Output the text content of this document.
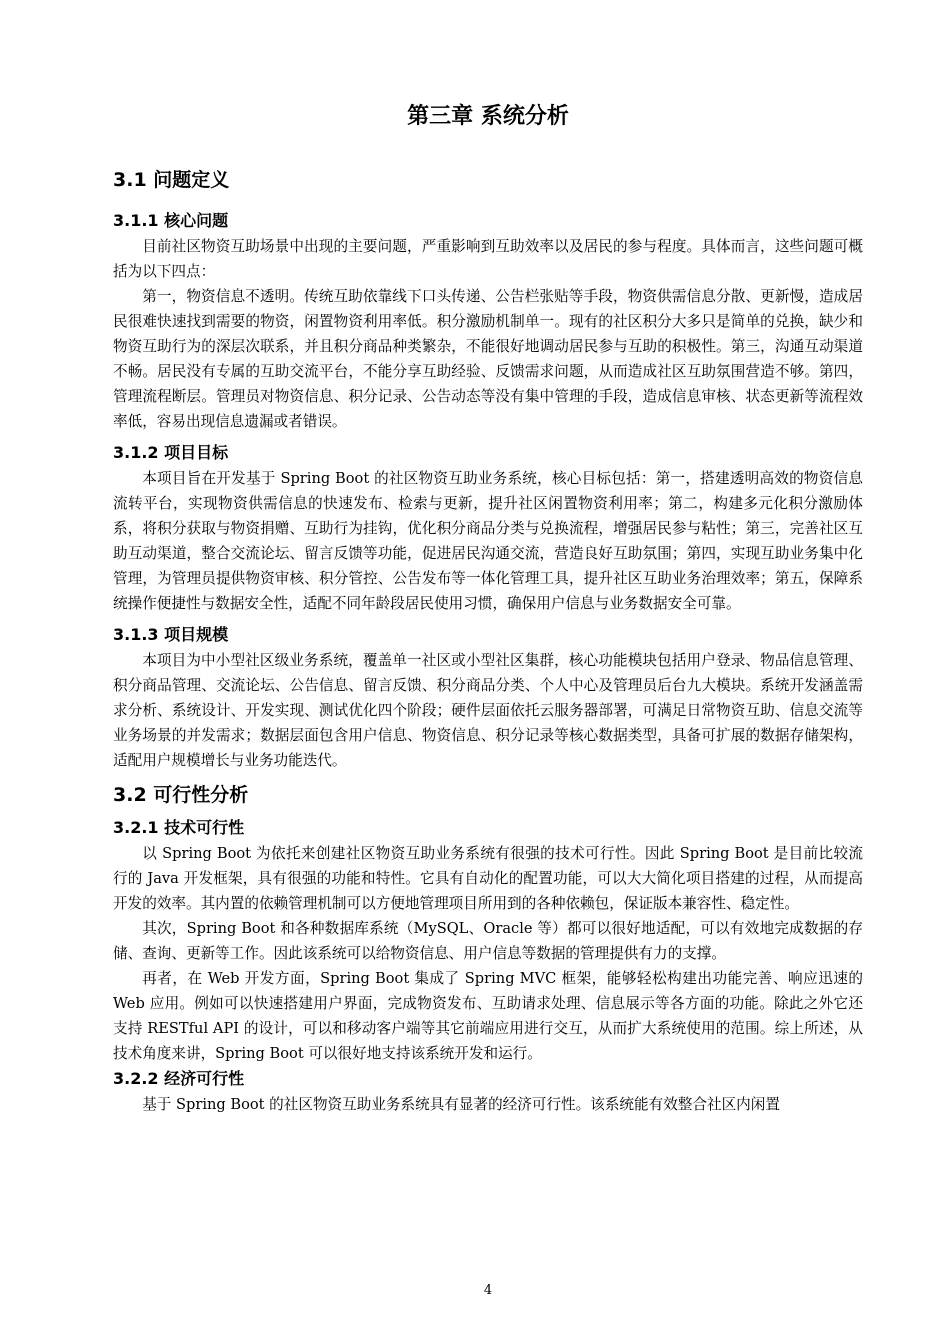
第三章 系统分析
3.1 问题定义
3.1.1 核心问题

目前社区物资互助场景中出现的主要问题，严重影响到互助效率以及居民的参与程度。具体而言，这些问题可概括为以下四点：

第一，物资信息不透明。传统互助依靠线下口头传递、公告栏张贴等手段，物资供需信息分散、更新慢，造成居民很难快速找到需要的物资，闲置物资利用率低。积分激励机制单一。现有的社区积分大多只是简单的兑换，缺少和物资互助行为的深层次联系，并且积分商品种类繁杂，不能很好地调动居民参与互助的积极性。第三，沟通互动渠道不畅。居民没有专属的互助交流平台，不能分享互助经验、反馈需求问题，从而造成社区互助氛围营造不够。第四，管理流程断层。管理员对物资信息、积分记录、公告动态等没有集中管理的手段，造成信息审核、状态更新等流程效率低，容易出现信息遗漏或者错误。

3.1.2 项目目标

本项目旨在开发基于 Spring Boot 的社区物资互助业务系统，核心目标包括：第一，搭建透明高效的物资信息流转平台，实现物资供需信息的快速发布、检索与更新，提升社区闲置物资利用率；第二，构建多元化积分激励体系，将积分获取与物资捐赠、互助行为挂钩，优化积分商品分类与兑换流程，增强居民参与粘性；第三，完善社区互助互动渠道，整合交流论坛、留言反馈等功能，促进居民沟通交流，营造良好互助氛围；第四，实现互助业务集中化管理，为管理员提供物资审核、积分管控、公告发布等一体化管理工具，提升社区互助业务治理效率；第五，保障系统操作便捷性与数据安全性，适配不同年龄段居民使用习惯，确保用户信息与业务数据安全可靠。

3.1.3 项目规模

本项目为中小型社区级业务系统，覆盖单一社区或小型社区集群，核心功能模块包括用户登录、物品信息管理、积分商品管理、交流论坛、公告信息、留言反馈、积分商品分类、个人中心及管理员后台九大模块。系统开发涵盖需求分析、系统设计、开发实现、测试优化四个阶段；硬件层面依托云服务器部署，可满足日常物资互助、信息交流等业务场景的并发需求；数据层面包含用户信息、物资信息、积分记录等核心数据类型，具备可扩展的数据存储架构，适配用户规模增长与业务功能迭代。

3.2 可行性分析
3.2.1 技术可行性

以 Spring Boot 为依托来创建社区物资互助业务系统有很强的技术可行性。因此 Spring Boot 是目前比较流行的 Java 开发框架，具有很强的功能和特性。它具有自动化的配置功能，可以大大简化项目搭建的过程，从而提高开发的效率。其内置的依赖管理机制可以方便地管理项目所用到的各种依赖包，保证版本兼容性、稳定性。

其次，Spring Boot 和各种数据库系统（MySQL、Oracle 等）都可以很好地适配，可以有效地完成数据的存储、查询、更新等工作。因此该系统可以给物资信息、用户信息等数据的管理提供有力的支撑。

再者，在 Web 开发方面，Spring Boot 集成了 Spring MVC 框架，能够轻松构建出功能完善、响应迅速的 Web 应用。例如可以快速搭建用户界面，完成物资发布、互助请求处理、信息展示等各方面的功能。除此之外它还支持 RESTful API 的设计，可以和移动客户端等其它前端应用进行交互，从而扩大系统使用的范围。综上所述，从技术角度来讲，Spring Boot 可以很好地支持该系统开发和运行。

3.2.2 经济可行性

基于 Spring Boot 的社区物资互助业务系统具有显著的经济可行性。该系统能有效整合社区内闲置

4
